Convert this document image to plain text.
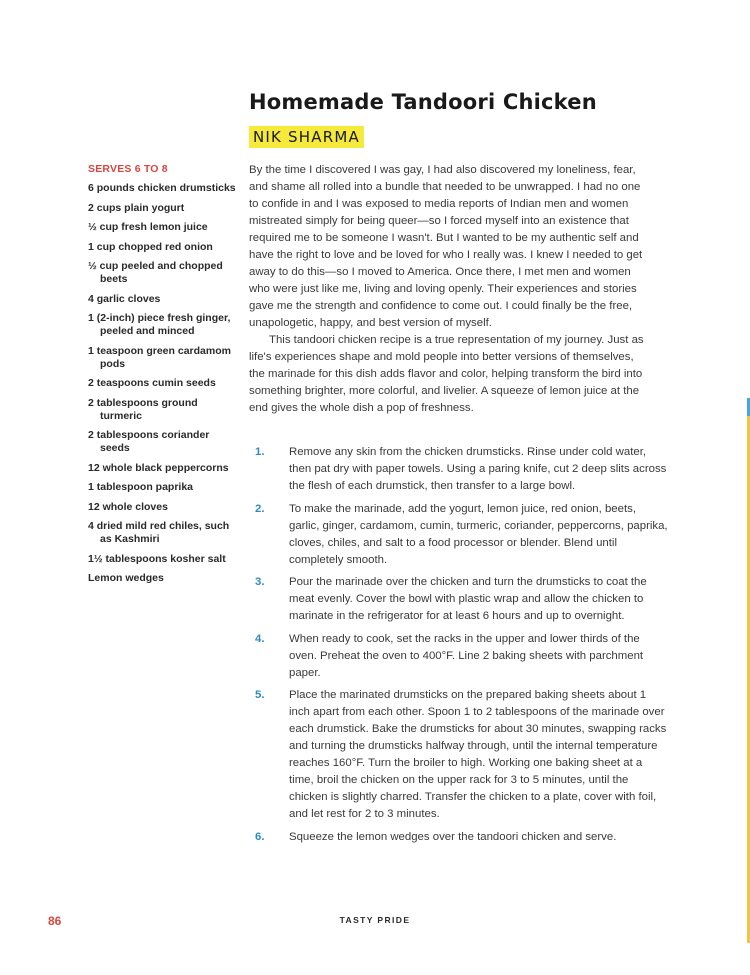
Homemade Tandoori Chicken
NIK SHARMA
SERVES 6 TO 8
6 pounds chicken drumsticks
2 cups plain yogurt
½ cup fresh lemon juice
1 cup chopped red onion
½ cup peeled and chopped beets
4 garlic cloves
1 (2-inch) piece fresh ginger, peeled and minced
1 teaspoon green cardamom pods
2 teaspoons cumin seeds
2 tablespoons ground turmeric
2 tablespoons coriander seeds
12 whole black peppercorns
1 tablespoon paprika
12 whole cloves
4 dried mild red chiles, such as Kashmiri
1½ tablespoons kosher salt
Lemon wedges

By the time I discovered I was gay, I had also discovered my loneliness, fear, and shame all rolled into a bundle that needed to be unwrapped. I had no one to confide in and I was exposed to media reports of Indian men and women mistreated simply for being queer—so I forced myself into an existence that required me to be someone I wasn't. But I wanted to be my authentic self and have the right to love and be loved for who I really was. I knew I needed to get away to do this—so I moved to America. Once there, I met men and women who were just like me, living and loving openly. Their experiences and stories gave me the strength and confidence to come out. I could finally be the free, unapologetic, happy, and best version of myself.

This tandoori chicken recipe is a true representation of my journey. Just as life's experiences shape and mold people into better versions of themselves, the marinade for this dish adds flavor and color, helping transform the bird into something brighter, more colorful, and livelier. A squeeze of lemon juice at the end gives the whole dish a pop of freshness.

1. Remove any skin from the chicken drumsticks. Rinse under cold water, then pat dry with paper towels. Using a paring knife, cut 2 deep slits across the flesh of each drumstick, then transfer to a large bowl.
2. To make the marinade, add the yogurt, lemon juice, red onion, beets, garlic, ginger, cardamom, cumin, turmeric, coriander, peppercorns, paprika, cloves, chiles, and salt to a food processor or blender. Blend until completely smooth.
3. Pour the marinade over the chicken and turn the drumsticks to coat the meat evenly. Cover the bowl with plastic wrap and allow the chicken to marinate in the refrigerator for at least 6 hours and up to overnight.
4. When ready to cook, set the racks in the upper and lower thirds of the oven. Preheat the oven to 400°F. Line 2 baking sheets with parchment paper.
5. Place the marinated drumsticks on the prepared baking sheets about 1 inch apart from each other. Spoon 1 to 2 tablespoons of the marinade over each drumstick. Bake the drumsticks for about 30 minutes, swapping racks and turning the drumsticks halfway through, until the internal temperature reaches 160°F. Turn the broiler to high. Working one baking sheet at a time, broil the chicken on the upper rack for 3 to 5 minutes, until the chicken is slightly charred. Transfer the chicken to a plate, cover with foil, and let rest for 2 to 3 minutes.
6. Squeeze the lemon wedges over the tandoori chicken and serve.
86	TASTY PRIDE
